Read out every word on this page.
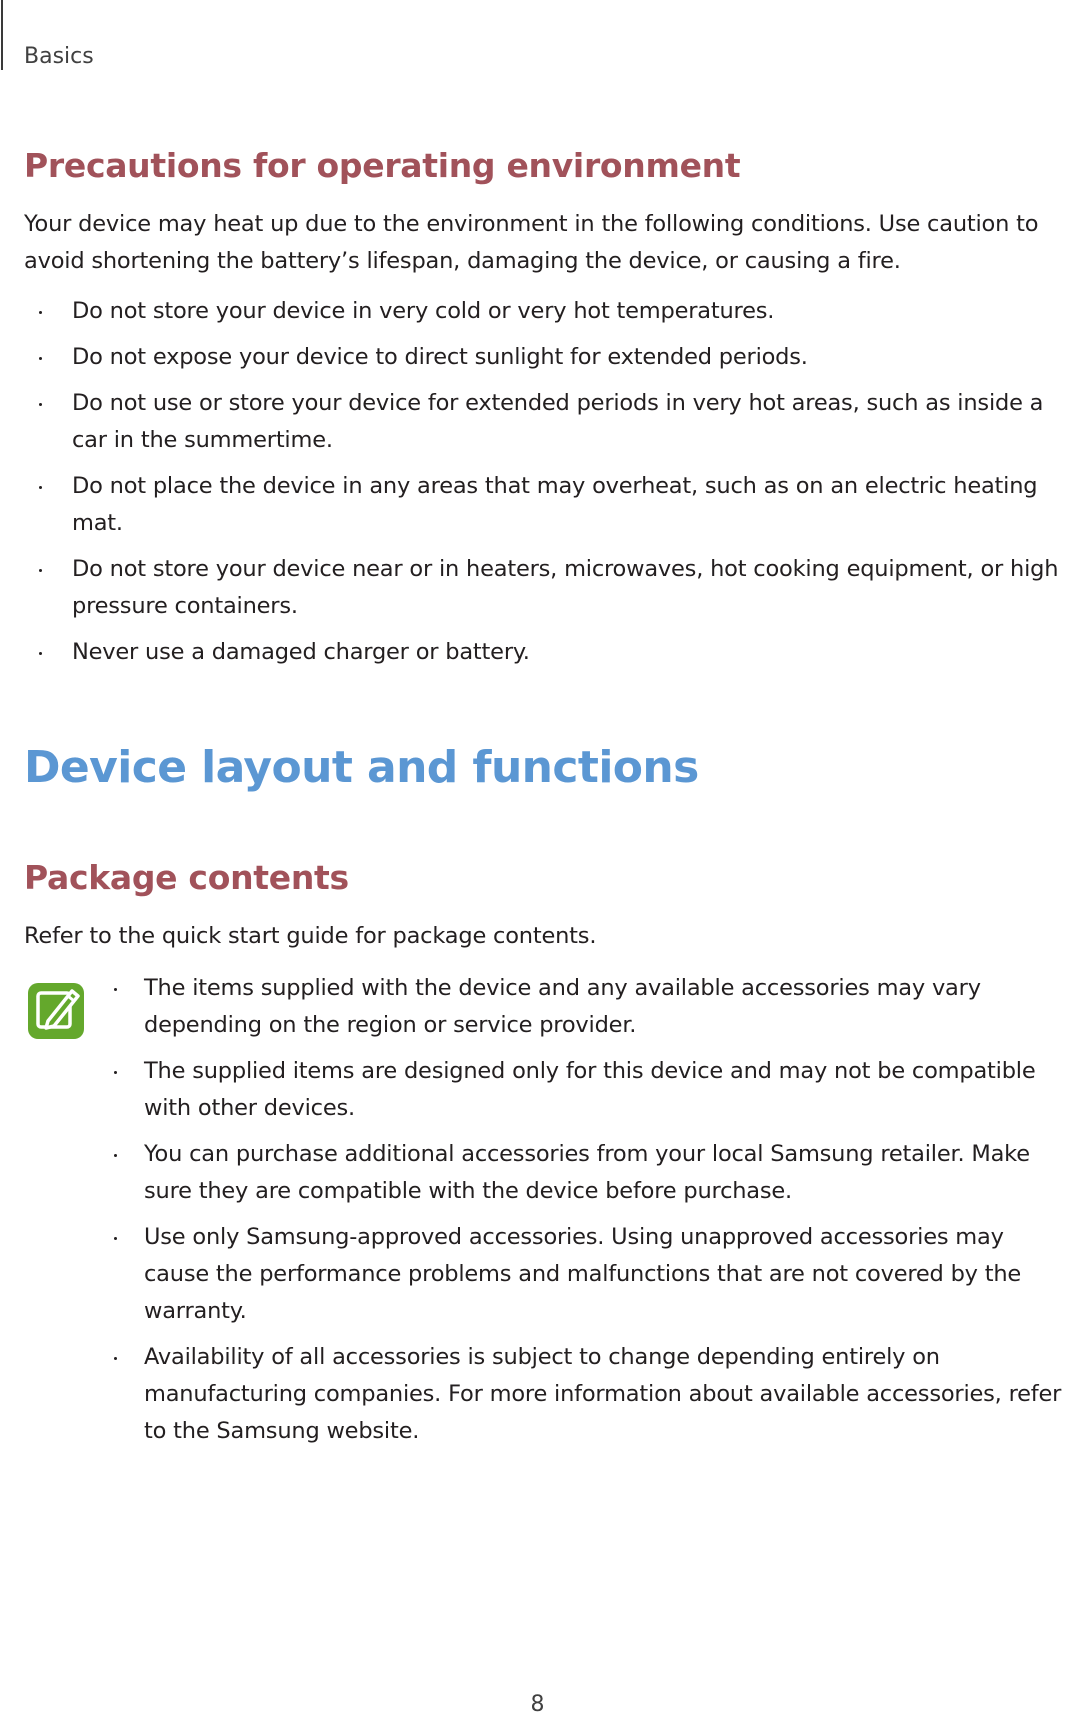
Basics
Precautions for operating environment
Your device may heat up due to the environment in the following conditions. Use caution to avoid shortening the battery’s lifespan, damaging the device, or causing a fire.
Do not store your device in very cold or very hot temperatures.
Do not expose your device to direct sunlight for extended periods.
Do not use or store your device for extended periods in very hot areas, such as inside a car in the summertime.
Do not place the device in any areas that may overheat, such as on an electric heating mat.
Do not store your device near or in heaters, microwaves, hot cooking equipment, or high pressure containers.
Never use a damaged charger or battery.
Device layout and functions
Package contents
Refer to the quick start guide for package contents.
The items supplied with the device and any available accessories may vary depending on the region or service provider.
The supplied items are designed only for this device and may not be compatible with other devices.
You can purchase additional accessories from your local Samsung retailer. Make sure they are compatible with the device before purchase.
Use only Samsung-approved accessories. Using unapproved accessories may cause the performance problems and malfunctions that are not covered by the warranty.
Availability of all accessories is subject to change depending entirely on manufacturing companies. For more information about available accessories, refer to the Samsung website.
8
